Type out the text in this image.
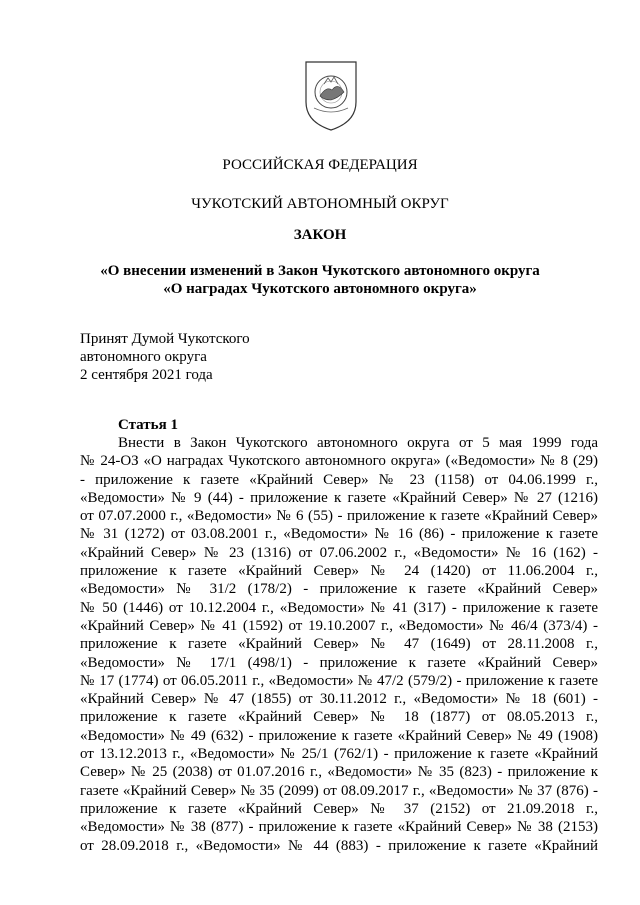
РОССИЙСКАЯ ФЕДЕРАЦИЯ
ЧУКОТСКИЙ АВТОНОМНЫЙ ОКРУГ
ЗАКОН
«О внесении изменений в Закон Чукотского автономного округа
«О наградах Чукотского автономного округа»
Принят Думой Чукотского
автономного округа
2 сентября 2021 года
Статья 1
Внести в Закон Чукотского автономного округа от 5 мая 1999 года
№ 24-ОЗ «О наградах Чукотского автономного округа» («Ведомости» № 8 (29)
- приложение к газете «Крайний Север» № 23 (1158) от 04.06.1999 г.,
«Ведомости» № 9 (44) - приложение к газете «Крайний Север» № 27 (1216)
от 07.07.2000 г., «Ведомости» № 6 (55) - приложение к газете «Крайний Север»
№ 31 (1272) от 03.08.2001 г., «Ведомости» № 16 (86) - приложение к газете
«Крайний Север» № 23 (1316) от 07.06.2002 г., «Ведомости» № 16 (162) -
приложение к газете «Крайний Север» № 24 (1420) от 11.06.2004 г.,
«Ведомости» № 31/2 (178/2) - приложение к газете «Крайний Север»
№ 50 (1446) от 10.12.2004 г., «Ведомости» № 41 (317) - приложение к газете
«Крайний Север» № 41 (1592) от 19.10.2007 г., «Ведомости» № 46/4 (373/4) -
приложение к газете «Крайний Север» № 47 (1649) от 28.11.2008 г.,
«Ведомости» № 17/1 (498/1) - приложение к газете «Крайний Север»
№ 17 (1774) от 06.05.2011 г., «Ведомости» № 47/2 (579/2) - приложение к газете
«Крайний Север» № 47 (1855) от 30.11.2012 г., «Ведомости» № 18 (601) -
приложение к газете «Крайний Север» № 18 (1877) от 08.05.2013 г.,
«Ведомости» № 49 (632) - приложение к газете «Крайний Север» № 49 (1908)
от 13.12.2013 г., «Ведомости» № 25/1 (762/1) - приложение к газете «Крайний
Север» № 25 (2038) от 01.07.2016 г., «Ведомости» № 35 (823) - приложение к
газете «Крайний Север» № 35 (2099) от 08.09.2017 г., «Ведомости» № 37 (876) -
приложение к газете «Крайний Север» № 37 (2152) от 21.09.2018 г.,
«Ведомости» № 38 (877) - приложение к газете «Крайний Север» № 38 (2153)
от 28.09.2018 г., «Ведомости» № 44 (883) - приложение к газете «Крайний
